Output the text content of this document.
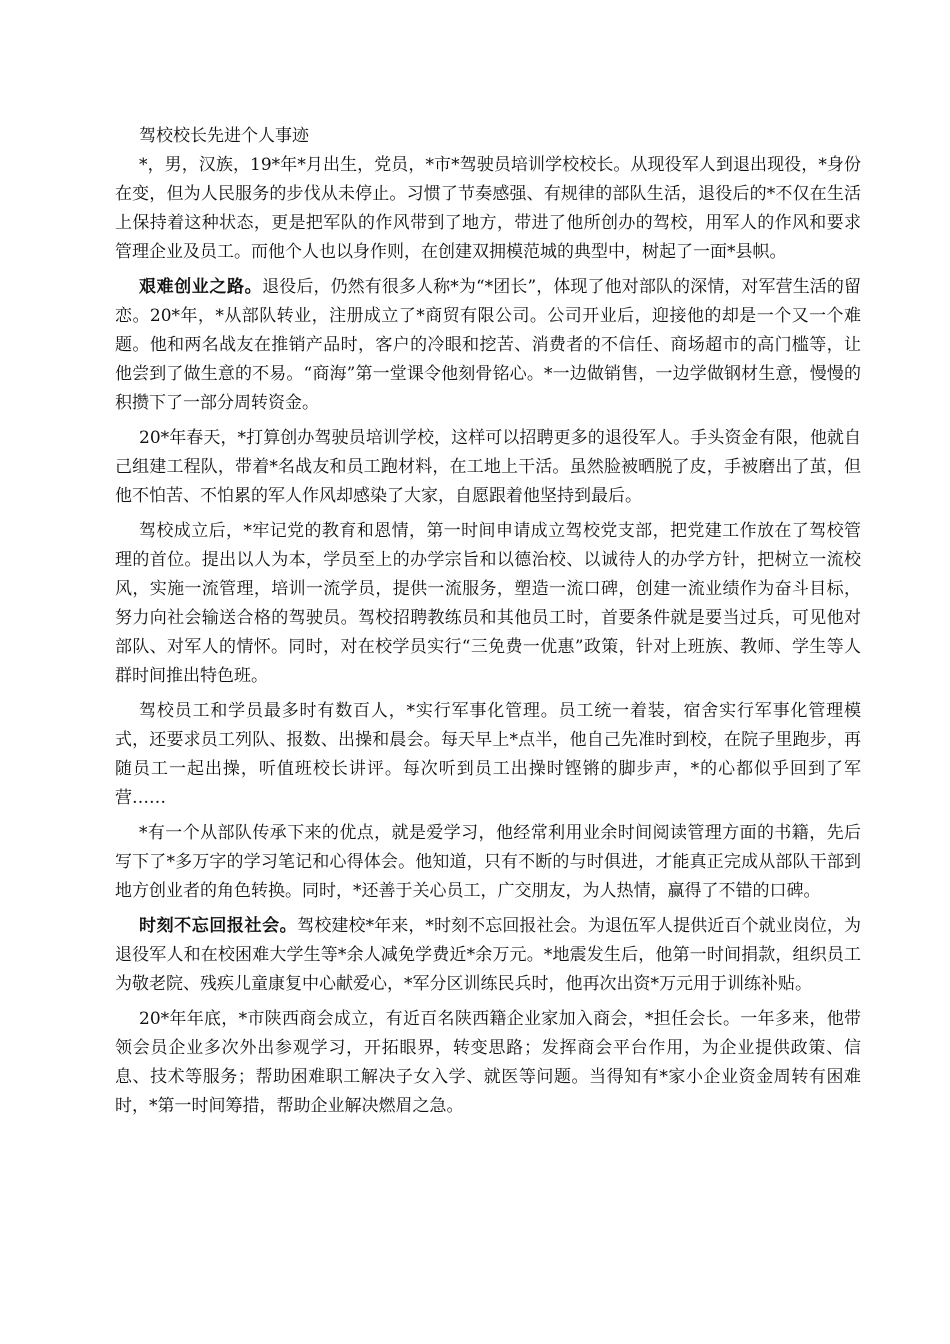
驾校校长先进个人事迹

*，男，汉族，19*年*月出生，党员，*市*驾驶员培训学校校长。从现役军人到退出现役，*身份在变，但为人民服务的步伐从未停止。习惯了节奏感强、有规律的部队生活，退役后的*不仅在生活上保持着这种状态，更是把军队的作风带到了地方，带进了他所创办的驾校，用军人的作风和要求管理企业及员工。而他个人也以身作则，在创建双拥模范城的典型中，树起了一面*县帜。

艰难创业之路。退役后，仍然有很多人称*为“*团长”，体现了他对部队的深情，对军营生活的留恋。20*年，*从部队转业，注册成立了*商贸有限公司。公司开业后，迎接他的却是一个又一个难题。他和两名战友在推销产品时，客户的冷眼和挖苦、消费者的不信任、商场超市的高门槛等，让他尝到了做生意的不易。“商海”第一堂课令他刻骨铭心。*一边做销售，一边学做钢材生意，慢慢的积攒下了一部分周转资金。

20*年春天，*打算创办驾驶员培训学校，这样可以招聘更多的退役军人。手头资金有限，他就自己组建工程队，带着*名战友和员工跑材料，在工地上干活。虽然脸被晒脱了皮，手被磨出了茧，但他不怕苦、不怕累的军人作风却感染了大家，自愿跟着他坚持到最后。

驾校成立后，*牢记党的教育和恩情，第一时间申请成立驾校党支部，把党建工作放在了驾校管理的首位。提出以人为本，学员至上的办学宗旨和以德治校、以诚待人的办学方针，把树立一流校风，实施一流管理，培训一流学员，提供一流服务，塑造一流口碑，创建一流业绩作为奋斗目标，努力向社会输送合格的驾驶员。驾校招聘教练员和其他员工时，首要条件就是要当过兵，可见他对部队、对军人的情怀。同时，对在校学员实行“三免费一优惠”政策，针对上班族、教师、学生等人群时间推出特色班。

驾校员工和学员最多时有数百人，*实行军事化管理。员工统一着装，宿舍实行军事化管理模式，还要求员工列队、报数、出操和晨会。每天早上*点半，他自己先准时到校，在院子里跑步，再随员工一起出操，听值班校长讲评。每次听到员工出操时铿锵的脚步声，*的心都似乎回到了军营……

*有一个从部队传承下来的优点，就是爱学习，他经常利用业余时间阅读管理方面的书籍，先后写下了*多万字的学习笔记和心得体会。他知道，只有不断的与时俱进，才能真正完成从部队干部到地方创业者的角色转换。同时，*还善于关心员工，广交朋友，为人热情，赢得了不错的口碑。

时刻不忘回报社会。驾校建校*年来，*时刻不忘回报社会。为退伍军人提供近百个就业岗位，为退役军人和在校困难大学生等*余人减免学费近*余万元。*地震发生后，他第一时间捐款，组织员工为敬老院、残疾儿童康复中心献爱心，*军分区训练民兵时，他再次出资*万元用于训练补贴。

20*年年底，*市陕西商会成立，有近百名陕西籍企业家加入商会，*担任会长。一年多来，他带领会员企业多次外出参观学习，开拓眼界，转变思路；发挥商会平台作用，为企业提供政策、信息、技术等服务；帮助困难职工解决子女入学、就医等问题。当得知有*家小企业资金周转有困难时，*第一时间筹措，帮助企业解决燃眉之急。
